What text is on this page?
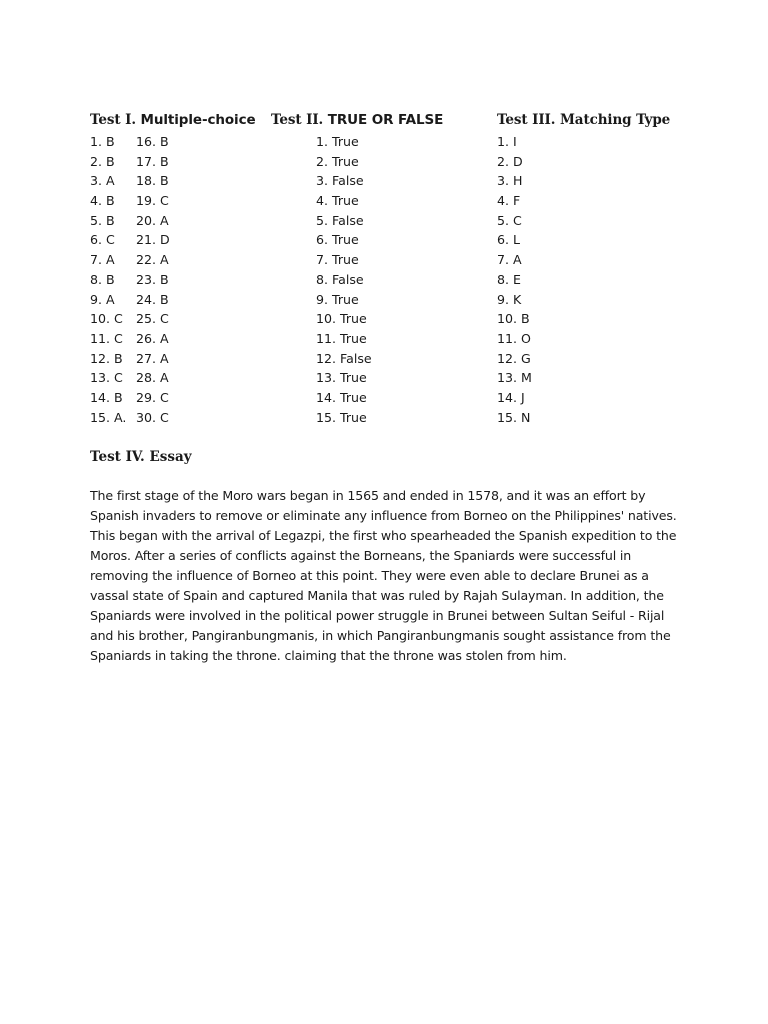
Test I. Multiple-choice Test II. TRUE OR FALSE	Test III. Matching Type
1. B
2. B
3. A
4. B
5. B
6. C
7. A
8. B
9. A
10. C
11. C
12. B
13. C
14. B
15. A.
16. B
17. B
18. B
19. C
20. A
21. D
22. A
23. B
24. B
25. C
26. A
27. A
28. A
29. C
30. C
1. True
2. True
3. False
4. True
5. False
6. True
7. True
8. False
9. True
10. True
11. True
12. False
13. True
14. True
15. True
1. I
2. D
3. H
4. F
5. C
6. L
7. A
8. E
9. K
10. B
11. O
12. G
13. M
14. J
15. N
Test IV. Essay

The first stage of the Moro wars began in 1565 and ended in 1578, and it was an effort by
Spanish invaders to remove or eliminate any influence from Borneo on the Philippines' natives.
This began with the arrival of Legazpi, the first who spearheaded the Spanish expedition to the
Moros. After a series of conflicts against the Borneans, the Spaniards were successful in
removing the influence of Borneo at this point. They were even able to declare Brunei as a
vassal state of Spain and captured Manila that was ruled by Rajah Sulayman. In addition, the
Spaniards were involved in the political power struggle in Brunei between Sultan Seiful - Rijal
and his brother, Pangiranbungmanis, in which Pangiranbungmanis sought assistance from the
Spaniards in taking the throne. claiming that the throne was stolen from him.
